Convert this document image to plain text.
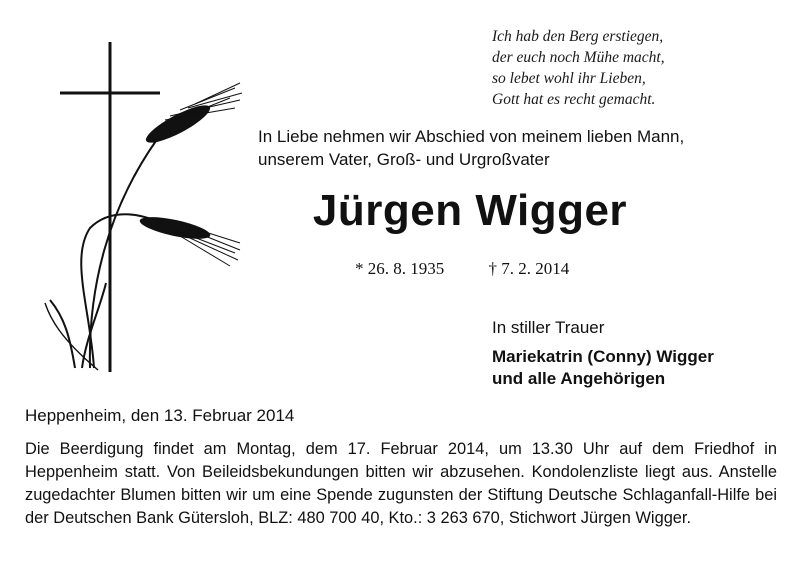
Ich hab den Berg erstiegen,
der euch noch Mühe macht,
so lebet wohl ihr Lieben,
Gott hat es recht gemacht.
In Liebe nehmen wir Abschied von meinem lieben Mann,
unserem Vater, Groß- und Urgroßvater
Jürgen Wigger
* 26. 8. 1935	† 7. 2. 2014
In stiller Trauer
Mariekatrin (Conny) Wigger
und alle Angehörigen
Heppenheim, den 13. Februar 2014
Die Beerdigung findet am Montag, dem 17. Februar 2014, um 13.30 Uhr auf dem Friedhof in Heppenheim statt. Von Beileidsbekundungen bitten wir abzusehen. Kondolenzliste liegt aus. Anstelle zugedachter Blumen bitten wir um eine Spende zugunsten der Stiftung Deutsche Schlaganfall-Hilfe bei der Deutschen Bank Gütersloh, BLZ: 480 700 40, Kto.: 3 263 670, Stichwort Jürgen Wigger.
